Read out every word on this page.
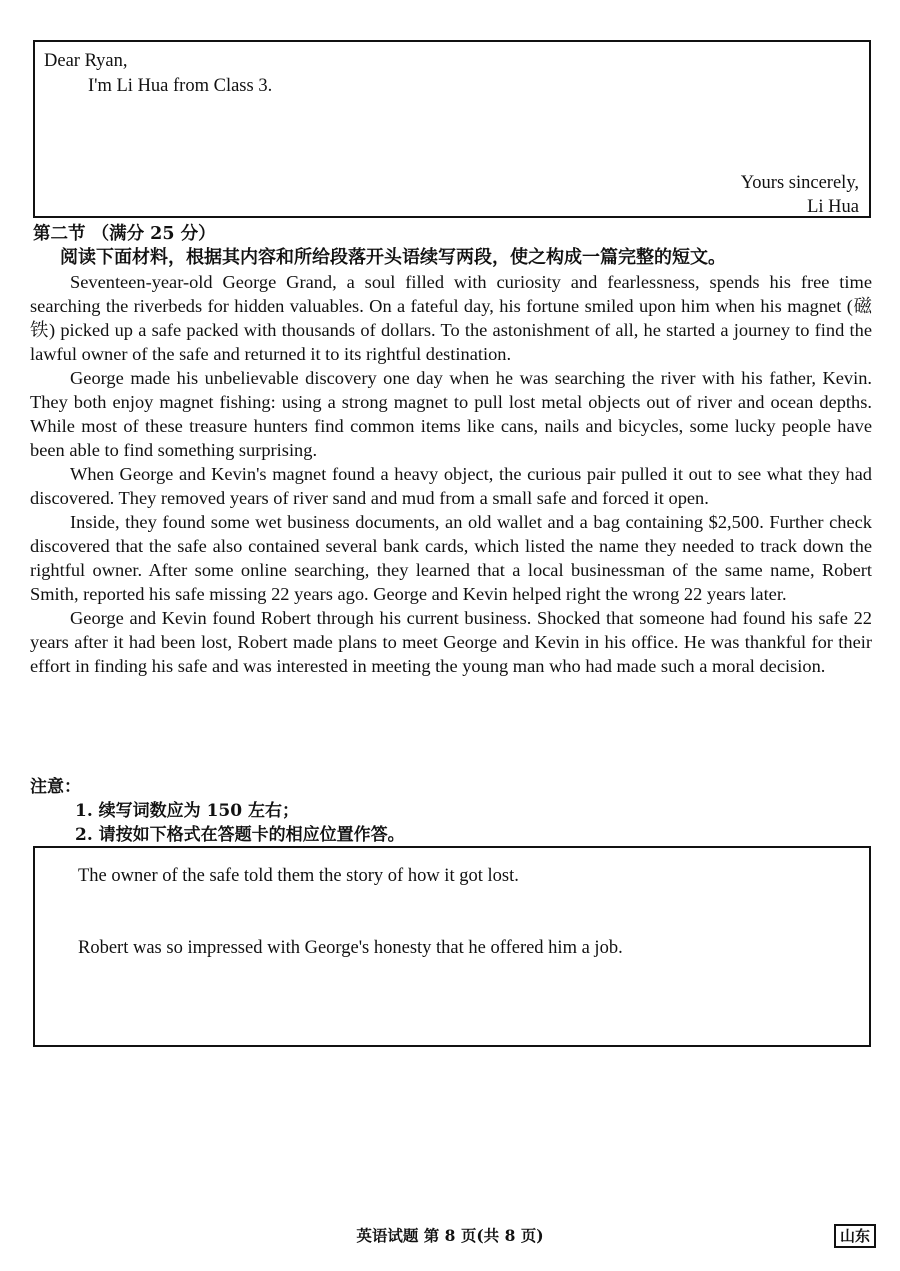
Dear Ryan,
I'm Li Hua from Class 3.
Yours sincerely,
Li Hua
第二节 （满分 25 分）
阅读下面材料，根据其内容和所给段落开头语续写两段，使之构成一篇完整的短文。

Seventeen-year-old George Grand, a soul filled with curiosity and fearlessness, spends his free time searching the riverbeds for hidden valuables. On a fateful day, his fortune smiled upon him when his magnet (磁铁) picked up a safe packed with thousands of dollars. To the astonishment of all, he started a journey to find the lawful owner of the safe and returned it to its rightful destination.

George made his unbelievable discovery one day when he was searching the river with his father, Kevin. They both enjoy magnet fishing: using a strong magnet to pull lost metal objects out of river and ocean depths. While most of these treasure hunters find common items like cans, nails and bicycles, some lucky people have been able to find something surprising.

When George and Kevin's magnet found a heavy object, the curious pair pulled it out to see what they had discovered. They removed years of river sand and mud from a small safe and forced it open.

Inside, they found some wet business documents, an old wallet and a bag containing $2,500. Further check discovered that the safe also contained several bank cards, which listed the name they needed to track down the rightful owner. After some online searching, they learned that a local businessman of the same name, Robert Smith, reported his safe missing 22 years ago. George and Kevin helped right the wrong 22 years later.

George and Kevin found Robert through his current business. Shocked that someone had found his safe 22 years after it had been lost, Robert made plans to meet George and Kevin in his office. He was thankful for their effort in finding his safe and was interested in meeting the young man who had made such a moral decision.

注意：
1. 续写词数应为 150 左右；
2. 请按如下格式在答题卡的相应位置作答。
The owner of the safe told them the story of how it got lost.
Robert was so impressed with George's honesty that he offered him a job.
英语试题 第 8 页(共 8 页)	山东
